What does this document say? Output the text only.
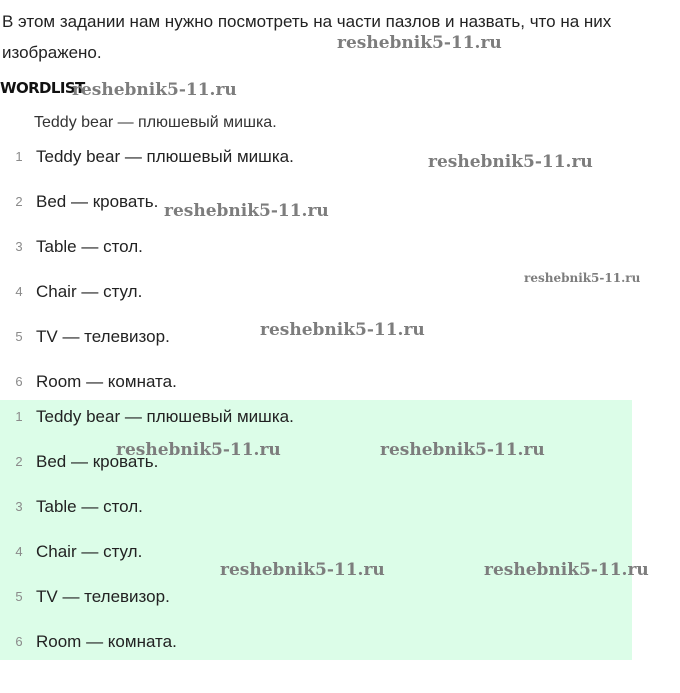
В этом задании нам нужно посмотреть на части пазлов и назвать, что на них
изображено.
WORDLIST
Teddy bear — плюшевый мишка.
1 Teddy bear — плюшевый мишка.
2 Bed — кровать.
3 Table — стол.
4 Chair — стул.
5 TV — телевизор.
6 Room — комната.
1 Teddy bear — плюшевый мишка.
2 Bed — кровать.
3 Table — стол.
4 Chair — стул.
5 TV — телевизор.
6 Room — комната.
reshebnik5-11.ru
reshebnik5-11.ru
reshebnik5-11.ru
reshebnik5-11.ru
reshebnik5-11.ru
reshebnik5-11.ru
reshebnik5-11.ru	reshebnik5-11.ru
reshebnik5-11.ru	reshebnik5-11.ru
